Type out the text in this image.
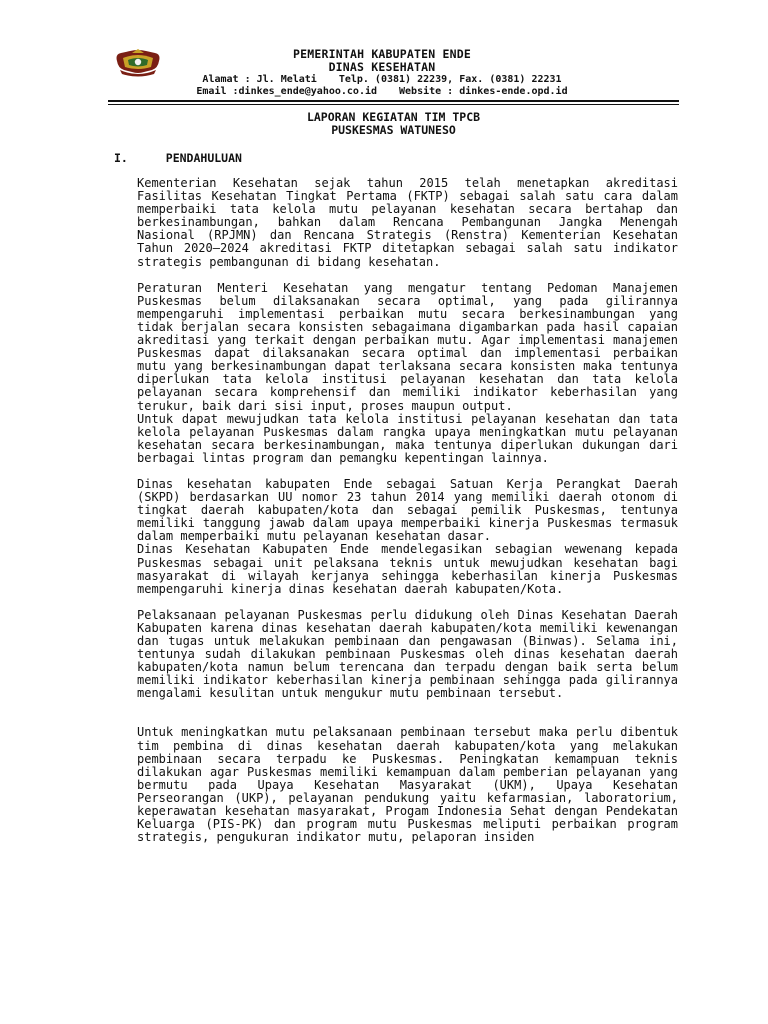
PEMERINTAH KABUPATEN ENDE
DINAS KESEHATAN
Alamat : Jl. Melati Telp. (0381) 22239, Fax. (0381) 22231
Email :dinkes_ende@yahoo.co.id Website : dinkes-ende.opd.id
LAPORAN KEGIATAN TIM TPCB
PUSKESMAS WATUNESO
I.	PENDAHULUAN

Kementerian Kesehatan sejak tahun 2015 telah menetapkan akreditasi Fasilitas Kesehatan Tingkat Pertama (FKTP) sebagai salah satu cara dalam memperbaiki tata kelola mutu pelayanan kesehatan secara bertahap dan berkesinambungan, bahkan dalam Rencana Pembangunan Jangka Menengah Nasional (RPJMN) dan Rencana Strategis (Renstra) Kementerian Kesehatan Tahun 2020–2024 akreditasi FKTP ditetapkan sebagai salah satu indikator strategis pembangunan di bidang kesehatan.

Peraturan Menteri Kesehatan yang mengatur tentang Pedoman Manajemen Puskesmas belum dilaksanakan secara optimal, yang pada gilirannya mempengaruhi implementasi perbaikan mutu secara berkesinambungan yang tidak berjalan secara konsisten sebagaimana digambarkan pada hasil capaian akreditasi yang terkait dengan perbaikan mutu. Agar implementasi manajemen Puskesmas dapat dilaksanakan secara optimal dan implementasi perbaikan mutu yang berkesinambungan dapat terlaksana secara konsisten maka tentunya diperlukan tata kelola institusi pelayanan kesehatan dan tata kelola pelayanan secara komprehensif dan memiliki indikator keberhasilan yang terukur, baik dari sisi input, proses maupun output.

Untuk dapat mewujudkan tata kelola institusi pelayanan kesehatan dan tata kelola pelayanan Puskesmas dalam rangka upaya meningkatkan mutu pelayanan kesehatan secara berkesinambungan, maka tentunya diperlukan dukungan dari berbagai lintas program dan pemangku kepentingan lainnya.

Dinas kesehatan kabupaten Ende sebagai Satuan Kerja Perangkat Daerah (SKPD) berdasarkan UU nomor 23 tahun 2014 yang memiliki daerah otonom di tingkat daerah kabupaten/kota dan sebagai pemilik Puskesmas, tentunya memiliki tanggung jawab dalam upaya memperbaiki kinerja Puskesmas termasuk dalam memperbaiki mutu pelayanan kesehatan dasar.

Dinas Kesehatan Kabupaten Ende mendelegasikan sebagian wewenang kepada Puskesmas sebagai unit pelaksana teknis untuk mewujudkan kesehatan bagi masyarakat di wilayah kerjanya sehingga keberhasilan kinerja Puskesmas mempengaruhi kinerja dinas kesehatan daerah kabupaten/Kota.

Pelaksanaan pelayanan Puskesmas perlu didukung oleh Dinas Kesehatan Daerah Kabupaten karena dinas kesehatan daerah kabupaten/kota memiliki kewenangan dan tugas untuk melakukan pembinaan dan pengawasan (Binwas). Selama ini, tentunya sudah dilakukan pembinaan Puskesmas oleh dinas kesehatan daerah kabupaten/kota namun belum terencana dan terpadu dengan baik serta belum memiliki indikator keberhasilan kinerja pembinaan sehingga pada gilirannya mengalami kesulitan untuk mengukur mutu pembinaan tersebut.

Untuk meningkatkan mutu pelaksanaan pembinaan tersebut maka perlu dibentuk tim pembina di dinas kesehatan daerah kabupaten/kota yang melakukan pembinaan secara terpadu ke Puskesmas. Peningkatan kemampuan teknis dilakukan agar Puskesmas memiliki kemampuan dalam pemberian pelayanan yang bermutu pada Upaya Kesehatan Masyarakat (UKM), Upaya Kesehatan Perseorangan (UKP), pelayanan pendukung yaitu kefarmasian, laboratorium, keperawatan kesehatan masyarakat, Progam Indonesia Sehat dengan Pendekatan Keluarga (PIS-PK) dan program mutu Puskesmas meliputi perbaikan program strategis, pengukuran indikator mutu, pelaporan insiden
